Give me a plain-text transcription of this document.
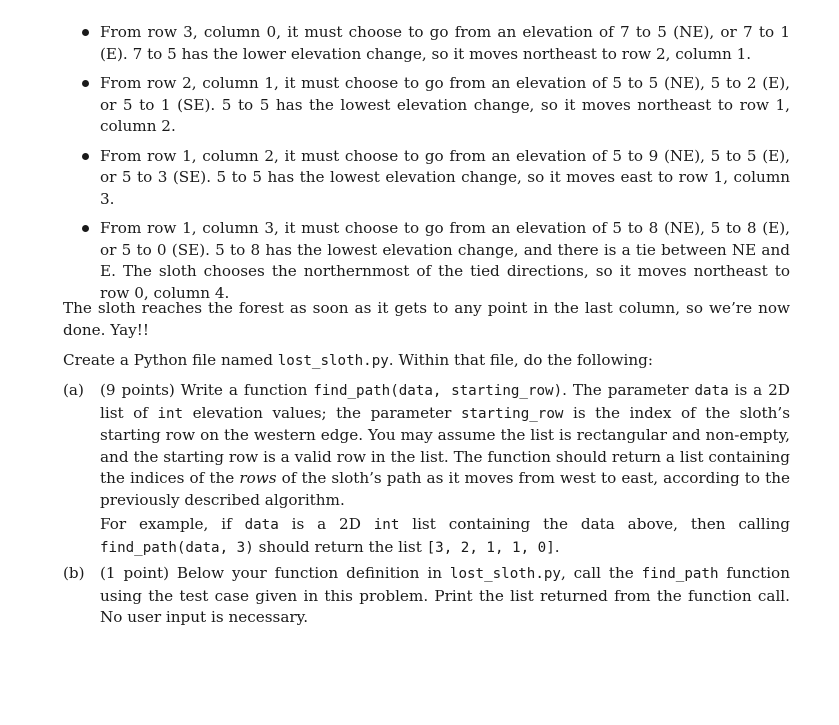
From row 3, column 0, it must choose to go from an elevation of 7 to 5 (NE), or 7 to 1 (E). 7 to 5 has the lower elevation change, so it moves northeast to row 2, column 1.
From row 2, column 1, it must choose to go from an elevation of 5 to 5 (NE), 5 to 2 (E), or 5 to 1 (SE). 5 to 5 has the lowest elevation change, so it moves northeast to row 1, column 2.
From row 1, column 2, it must choose to go from an elevation of 5 to 9 (NE), 5 to 5 (E), or 5 to 3 (SE). 5 to 5 has the lowest elevation change, so it moves east to row 1, column 3.
From row 1, column 3, it must choose to go from an elevation of 5 to 8 (NE), 5 to 8 (E), or 5 to 0 (SE). 5 to 8 has the lowest elevation change, and there is a tie between NE and E. The sloth chooses the northernmost of the tied directions, so it moves northeast to row 0, column 4.
The sloth reaches the forest as soon as it gets to any point in the last column, so we’re now done. Yay!!
Create a Python file named lost_sloth.py. Within that file, do the following:
(a) (9 points) Write a function find_path(data, starting_row). The parameter data is a 2D list of int elevation values; the parameter starting_row is the index of the sloth’s starting row on the western edge. You may assume the list is rectangular and non-empty, and the starting row is a valid row in the list. The function should return a list containing the indices of the rows of the sloth’s path as it moves from west to east, according to the previously described algorithm.
For example, if data is a 2D int list containing the data above, then calling find_path(data, 3) should return the list [3, 2, 1, 1, 0].
(b) (1 point) Below your function definition in lost_sloth.py, call the find_path function using the test case given in this problem. Print the list returned from the function call. No user input is necessary.
